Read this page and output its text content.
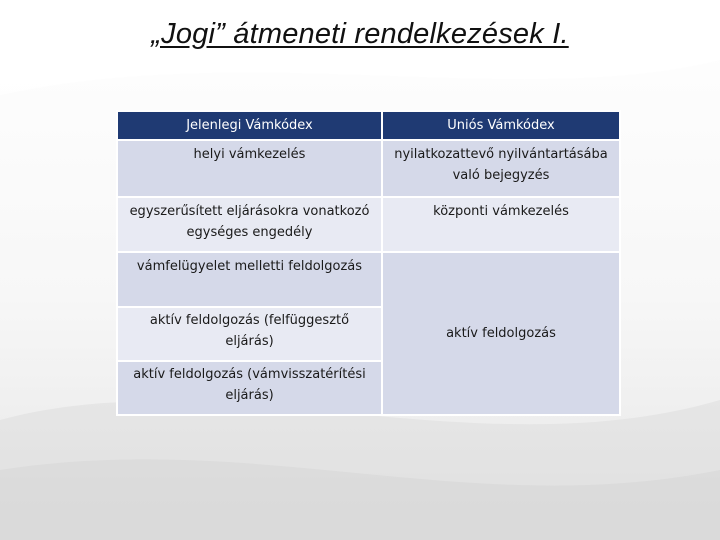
„Jogi” átmeneti rendelkezések I.
Jelenlegi Vámkódex	Uniós Vámkódex
helyi vámkezelés	nyilatkozattevő nyilvántartásába való bejegyzés
egyszerűsített eljárásokra vonatkozó egységes engedély	központi vámkezelés
vámfelügyelet melletti feldolgozás	aktív feldolgozás
aktív feldolgozás (felfüggesztő eljárás)	
aktív feldolgozás (vámvisszatérítési eljárás)	
